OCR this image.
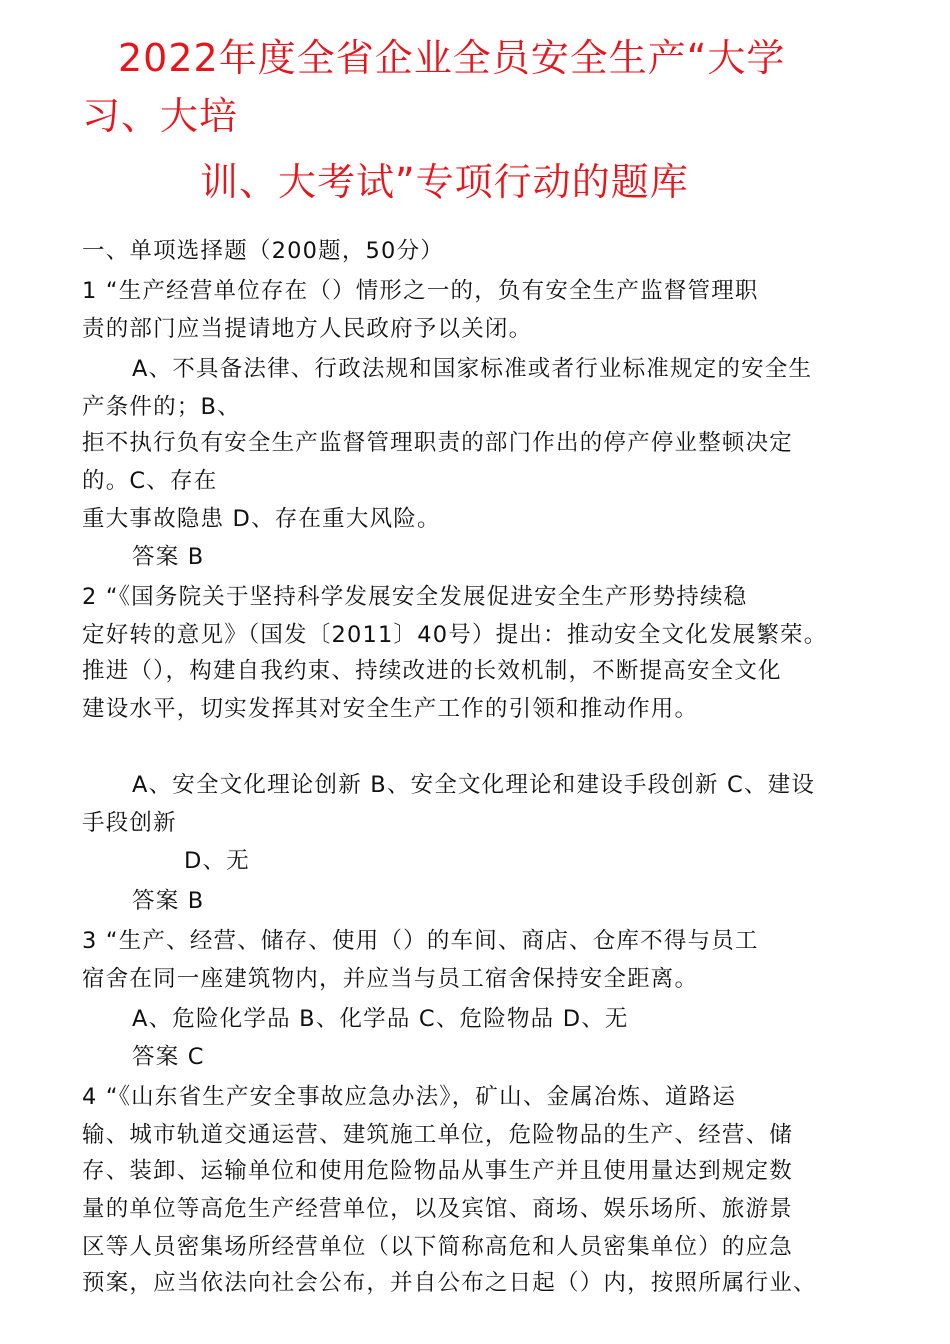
2022年度全省企业全员安全生产“大学
习、大培
训、大考试”专项行动的题库
一、单项选择题（200题，50分）
1 “生产经营单位存在（）情形之一的，负有安全生产监督管理职
责的部门应当提请地方人民政府予以关闭。
A、不具备法律、行政法规和国家标准或者行业标准规定的安全生
产条件的；B、
拒不执行负有安全生产监督管理职责的部门作出的停产停业整顿决定
的。C、存在
重大事故隐患 D、存在重大风险。
答案 B
2 “《国务院关于坚持科学发展安全发展促进安全生产形势持续稳
定好转的意见》（国发〔2011〕40号）提出：推动安全文化发展繁荣。
推进（），构建自我约束、持续改进的长效机制，不断提高安全文化
建设水平，切实发挥其对安全生产工作的引领和推动作用。
A、安全文化理论创新 B、安全文化理论和建设手段创新 C、建设
手段创新
D、无
答案 B
3 “生产、经营、储存、使用（）的车间、商店、仓库不得与员工
宿舍在同一座建筑物内，并应当与员工宿舍保持安全距离。
A、危险化学品 B、化学品 C、危险物品 D、无
答案 C
4 “《山东省生产安全事故应急办法》，矿山、金属冶炼、道路运
输、城市轨道交通运营、建筑施工单位，危险物品的生产、经营、储
存、装卸、运输单位和使用危险物品从事生产并且使用量达到规定数
量的单位等高危生产经营单位，以及宾馆、商场、娱乐场所、旅游景
区等人员密集场所经营单位（以下简称高危和人员密集单位）的应急
预案，应当依法向社会公布，并自公布之日起（）内，按照所属行业、
